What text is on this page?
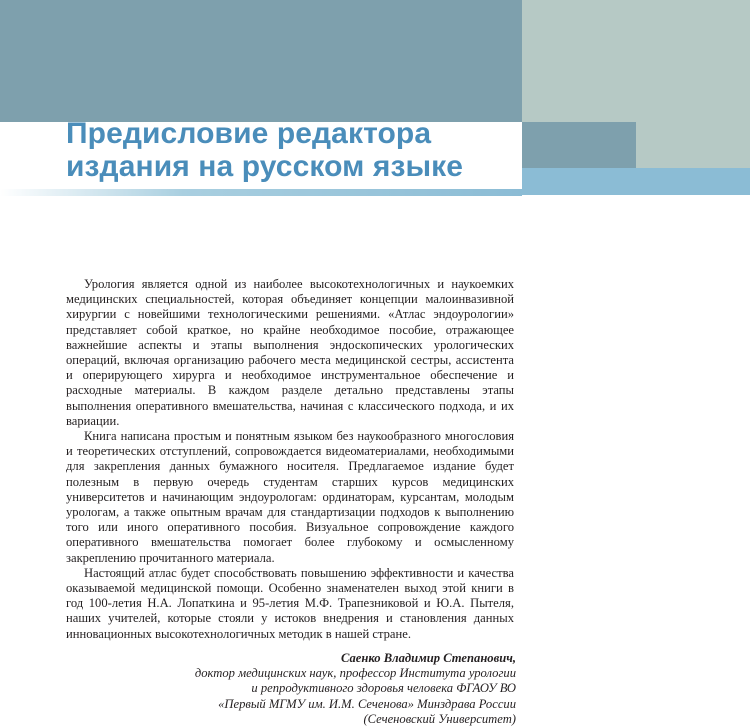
Предисловие редактора
издания на русском языке

Урология является одной из наиболее высокотехнологичных и наукоемких медицинских специальностей, которая объединяет концепции малоинвазивной хирургии с новейшими технологическими решениями. «Атлас эндоурологии» представляет собой краткое, но крайне необходимое пособие, отражающее важнейшие аспекты и этапы выполнения эндоскопических урологических операций, включая организацию рабочего места медицинской сестры, ассистента и оперирующего хирурга и необходимое инструментальное обеспечение и расходные материалы. В каждом разделе детально представлены этапы выполнения оперативного вмешательства, начиная с классического подхода, и их вариации.

Книга написана простым и понятным языком без наукообразного многословия и теоретических отступлений, сопровождается видеоматериалами, необходимыми для закрепления данных бумажного носителя. Предлагаемое издание будет полезным в первую очередь студентам старших курсов медицинских университетов и начинающим эндоурологам: ординаторам, курсантам, молодым урологам, а также опытным врачам для стандартизации подходов к выполнению того или иного оперативного пособия. Визуальное сопровождение каждого оперативного вмешательства помогает более глубокому и осмысленному закреплению прочитанного материала.

Настоящий атлас будет способствовать повышению эффективности и качества оказываемой медицинской помощи. Особенно знаменателен выход этой книги в год 100-летия Н.А. Лопаткина и 95-летия М.Ф. Трапезниковой и Ю.А. Пытеля, наших учителей, которые стояли у истоков внедрения и становления данных инновационных высокотехнологичных методик в нашей стране.

Саенко Владимир Степанович,
доктор медицинских наук, профессор Института урологии
и репродуктивного здоровья человека ФГАОУ ВО
«Первый МГМУ им. И.М. Сеченова» Минздрава России
(Сеченовский Университет)
